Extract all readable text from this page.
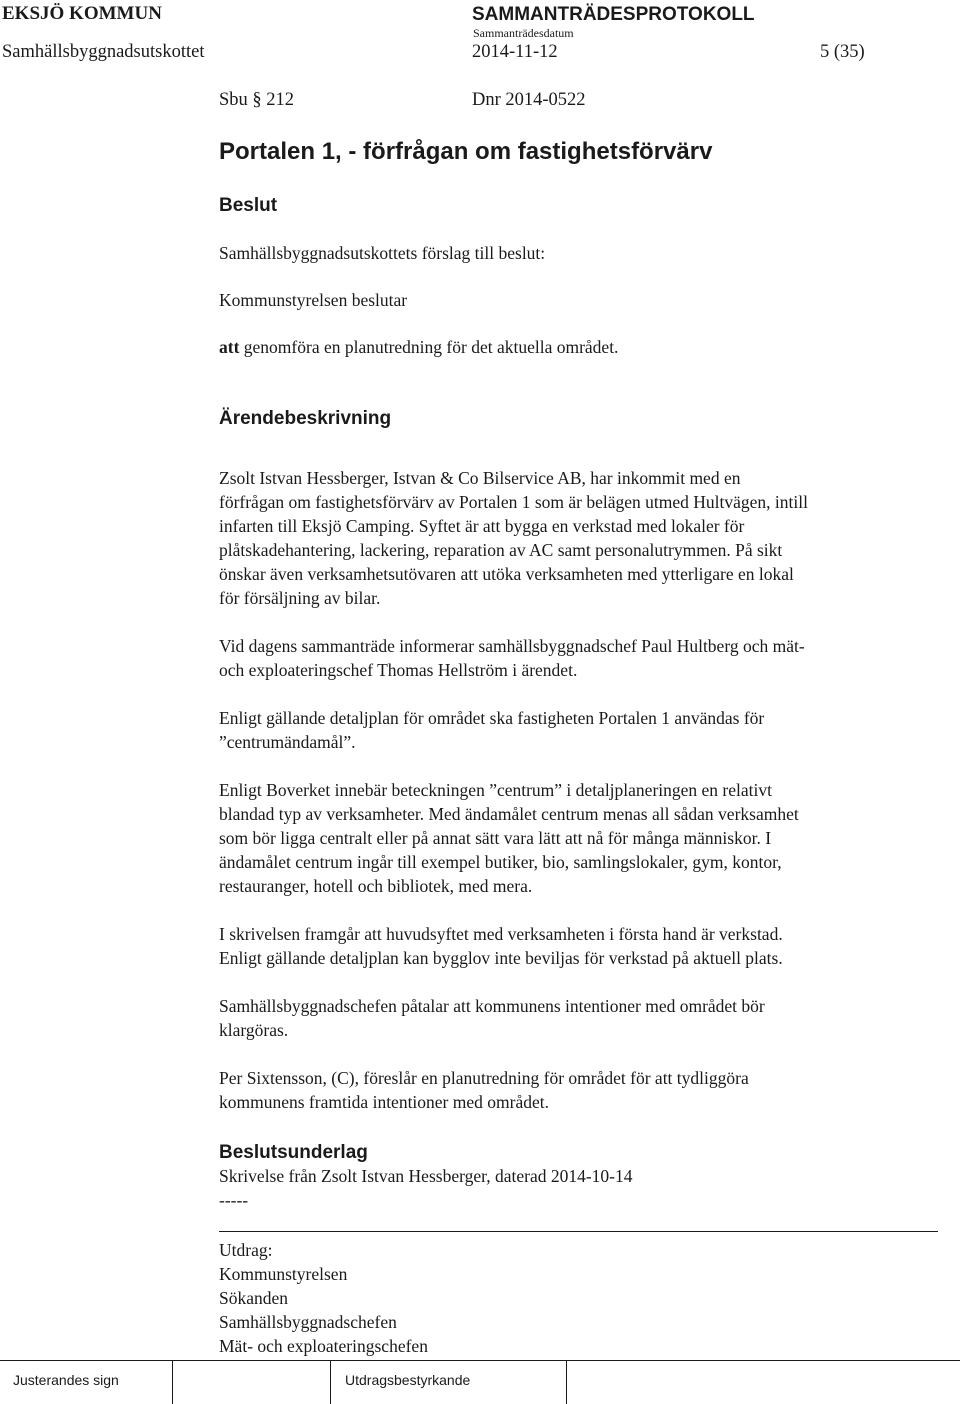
EKSJÖ KOMMUN	SAMMANTRÄDESPROTOKOLL
Sammanträdesdatum
Samhällsbyggnadsutskottet	2014-11-12	5 (35)
Sbu § 212	Dnr 2014-0522
Portalen 1, - förfrågan om fastighetsförvärv
Beslut

Samhällsbyggnadsutskottets förslag till beslut:

Kommunstyrelsen beslutar

att genomföra en planutredning för det aktuella området.

Ärendebeskrivning

Zsolt Istvan Hessberger, Istvan & Co Bilservice AB, har inkommit med en
förfrågan om fastighetsförvärv av Portalen 1 som är belägen utmed Hultvägen, intill
infarten till Eksjö Camping. Syftet är att bygga en verkstad med lokaler för
plåtskadehantering, lackering, reparation av AC samt personalutrymmen. På sikt
önskar även verksamhetsutövaren att utöka verksamheten med ytterligare en lokal
för försäljning av bilar.

Vid dagens sammanträde informerar samhällsbyggnadschef Paul Hultberg och mät-
och exploateringschef Thomas Hellström i ärendet.

Enligt gällande detaljplan för området ska fastigheten Portalen 1 användas för
”centrumändamål”.

Enligt Boverket innebär beteckningen ”centrum” i detaljplaneringen en relativt
blandad typ av verksamheter. Med ändamålet centrum menas all sådan verksamhet
som bör ligga centralt eller på annat sätt vara lätt att nå för många människor. I
ändamålet centrum ingår till exempel butiker, bio, samlingslokaler, gym, kontor,
restauranger, hotell och bibliotek, med mera.

I skrivelsen framgår att huvudsyftet med verksamheten i första hand är verkstad.
Enligt gällande detaljplan kan bygglov inte beviljas för verkstad på aktuell plats.

Samhällsbyggnadschefen påtalar att kommunens intentioner med området bör
klargöras.

Per Sixtensson, (C), föreslår en planutredning för området för att tydliggöra
kommunens framtida intentioner med området.

Beslutsunderlag
Skrivelse från Zsolt Istvan Hessberger, daterad 2014-10-14
-----

Utdrag:

Kommunstyrelsen

Sökanden

Samhällsbyggnadschefen

Mät- och exploateringschefen

Justerandes sign	Utdragsbestyrkande
